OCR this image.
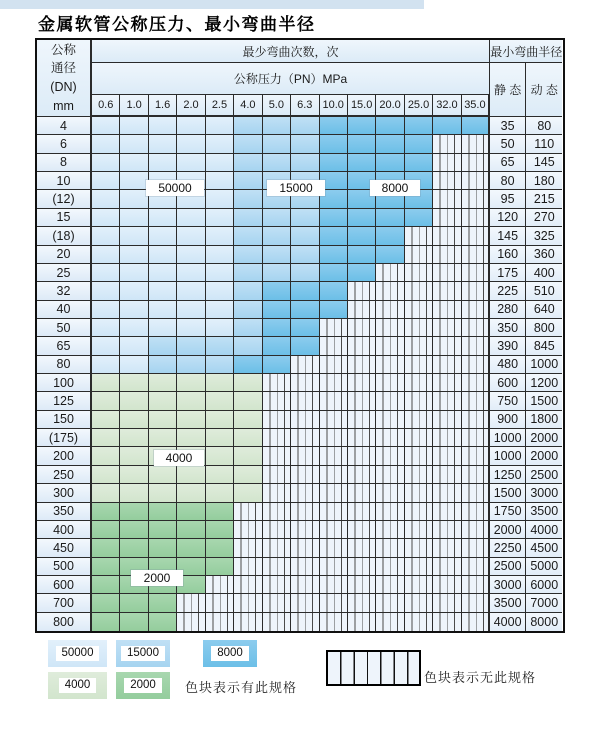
金属软管公称压力、最小弯曲半径
公称
通径
(DN)
mm
最少弯曲次数，次	最小弯曲半径
公称压力（PN）MPa
静 态 动 态
0.6	1.0	1.6	2.0	2.5	4.0	5.0	6.3 10.0 15.0 20.0 25.0 32.0 35.0
4	35	80
6	50	110
8	65	145
10	80	180
(12)	95	215
15	120	270
(18)	145	325
20	160	360
25	175	400
32	225	510
40	280	640
50	350	800
65	390	845
80	480 1000
100	600 1200
125	750 1500
150	900 1800
(175)	1000 2000
200	1000 2000
250	1250 2500
300	1500 3000
350	1750 3500
400	2000 4000
450	2250 4500
500	2500 5000
600	3000 6000
700	3500 7000
800	4000 8000
50000	15000	8000
4000
2000
色块表示有此规格
色块表示无此规格
50000	15000	8000
4000	2000
